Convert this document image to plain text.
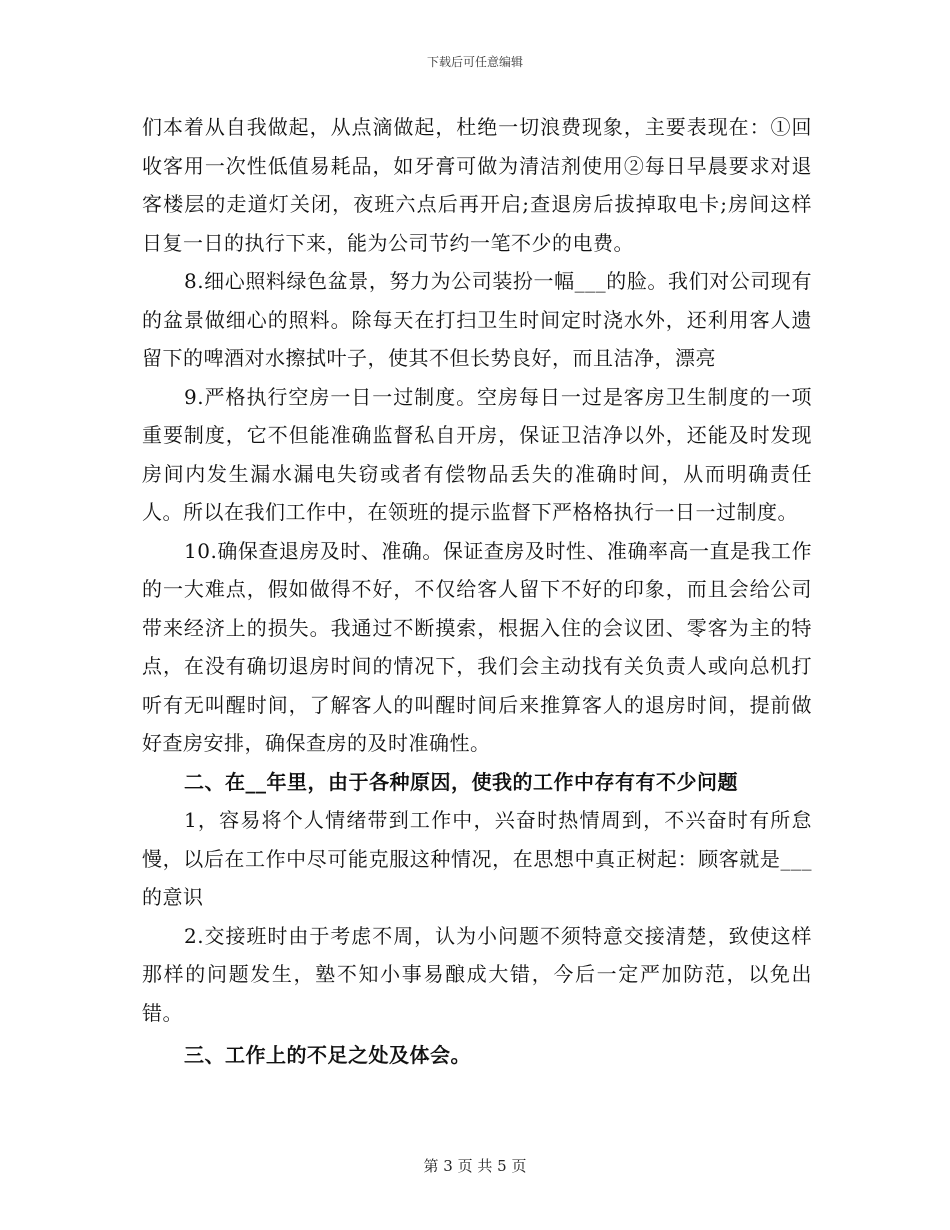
下载后可任意编辑

们本着从自我做起，从点滴做起，杜绝一切浪费现象，主要表现在：①回收客用一次性低值易耗品，如牙膏可做为清洁剂使用②每日早晨要求对退客楼层的走道灯关闭，夜班六点后再开启;查退房后拔掉取电卡;房间这样日复一日的执行下来，能为公司节约一笔不少的电费。

8.细心照料绿色盆景，努力为公司装扮一幅___的脸。我们对公司现有的盆景做细心的照料。除每天在打扫卫生时间定时浇水外，还利用客人遗留下的啤酒对水擦拭叶子，使其不但长势良好，而且洁净，漂亮

9.严格执行空房一日一过制度。空房每日一过是客房卫生制度的一项重要制度，它不但能准确监督私自开房，保证卫洁净以外，还能及时发现房间内发生漏水漏电失窃或者有偿物品丢失的准确时间，从而明确责任人。所以在我们工作中，在领班的提示监督下严格格执行一日一过制度。

10.确保查退房及时、准确。保证查房及时性、准确率高一直是我工作的一大难点，假如做得不好，不仅给客人留下不好的印象，而且会给公司带来经济上的损失。我通过不断摸索，根据入住的会议团、零客为主的特点，在没有确切退房时间的情况下，我们会主动找有关负责人或向总机打听有无叫醒时间，了解客人的叫醒时间后来推算客人的退房时间，提前做好查房安排，确保查房的及时准确性。

二、在__年里，由于各种原因，使我的工作中存有有不少问题

1，容易将个人情绪带到工作中，兴奋时热情周到，不兴奋时有所怠慢，以后在工作中尽可能克服这种情况，在思想中真正树起：顾客就是___的意识

2.交接班时由于考虑不周，认为小问题不须特意交接清楚，致使这样那样的问题发生，塾不知小事易酿成大错，今后一定严加防范，以免出错。

三、工作上的不足之处及体会。

第 3 页 共 5 页
